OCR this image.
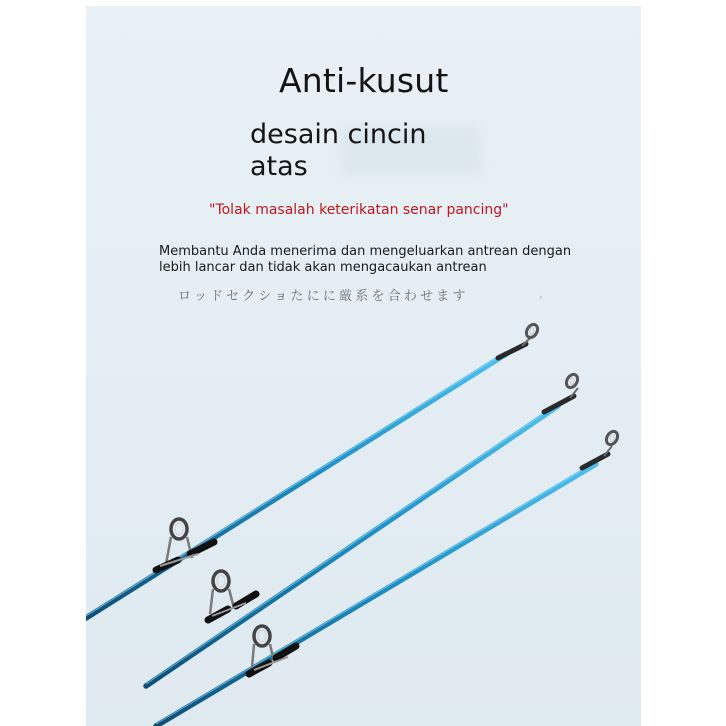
Anti-kusut
desain cincin
atas
"Tolak masalah keterikatan senar pancing"
Membantu Anda menerima dan mengeluarkan antrean dengan
lebih lancar dan tidak akan mengacaukan antrean
ロッドセクショたにに厳系を合わせます	›
